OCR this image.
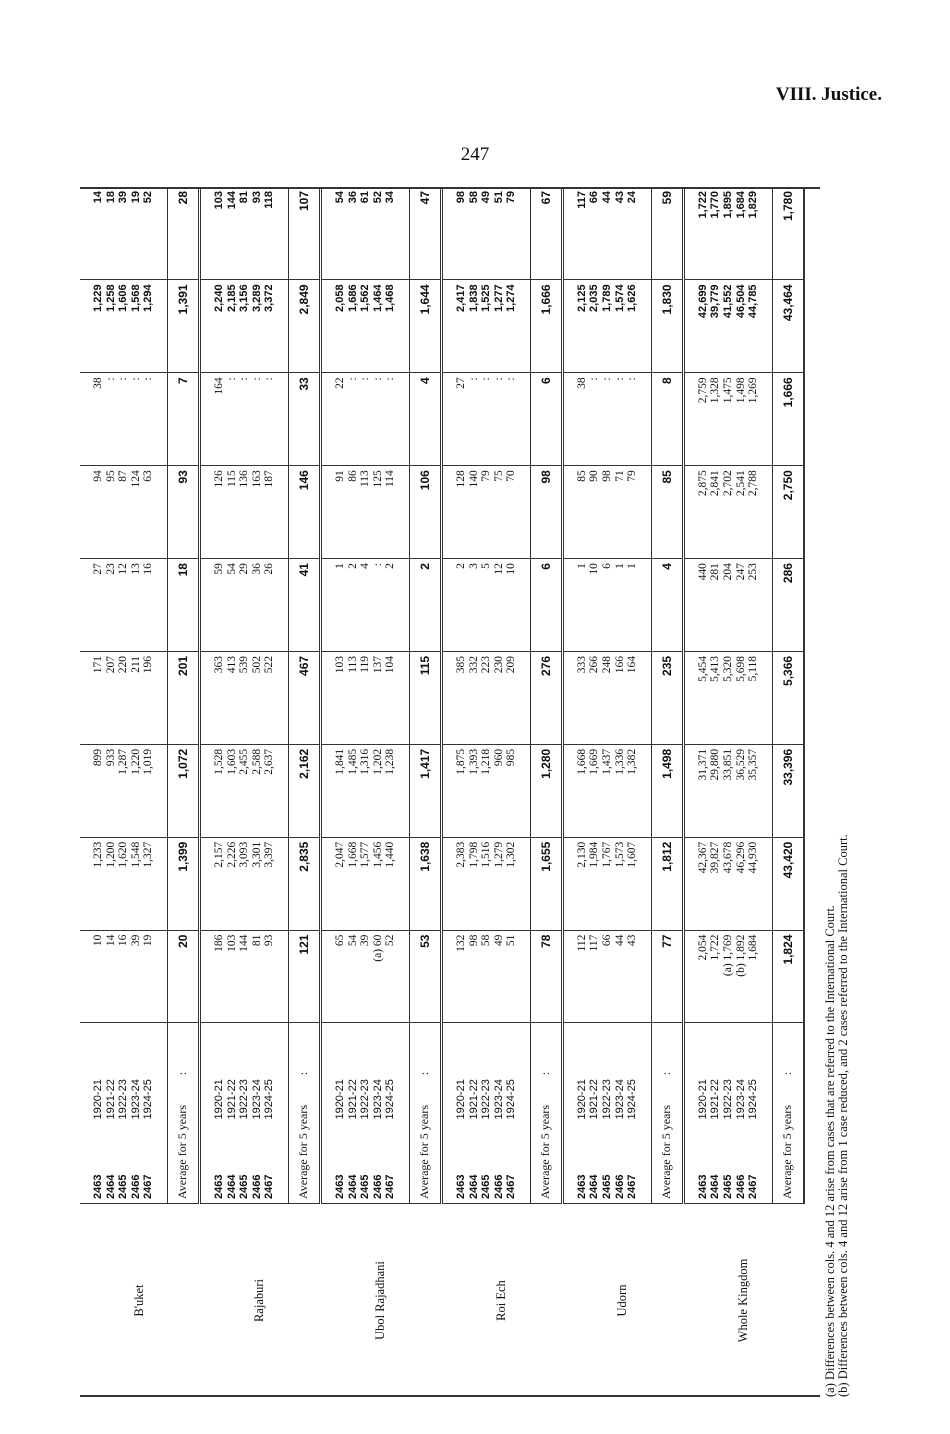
VIII. Justice.
247
B'uket	2463 2464 2465 2466 2467	1920-21 1921-22 1922-23 1923-24 1924-25	10 14 16 39 19	1,233 1,200 1,620 1,548 1,327	899 933 1,287 1,220 1,019	171 207 220 211 196	27 23 12 13 16	94 95 87 124 63	38 : : : :	1,229 1,258 1,606 1,568 1,294	14 18 39 19 52

	Average for 5 years	:	20	1,399	1,072	201	18	93	7	1,391	28
Rajaburi	2463 2464 2465 2466 2467	1920-21 1921-22 1922-23 1923-24 1924-25	186 103 144 81 93	2,157 2,226 3,093 3,301 3,397	1,528 1,603 2,455 2,588 2,637	363 413 539 502 522	59 54 29 36 26	126 115 136 163 187	164 : : : :	2,240 2,185 3,156 3,289 3,372	103 144 81 93 118

	Average for 5 years	:	121	2,835	2,162	467	41	146	33	2,849	107
Ubol Rajadhani	2463 2464 2465 2466 2467	1920-21 1921-22 1922-23 1923-24 1924-25	65 54 39 (a) 60 52	2,047 1,668 1,577 1,456 1,440	1,841 1,485 1,316 1,202 1,238	103 113 119 137 104	1 2 4 : 2	91 86 113 125 114	22 : : : :	2,058 1,686 1,562 1,464 1,468	54 36 61 52 34

	Average for 5 years	:	53	1,638	1,417	115	2	106	4	1,644	47
Roi Ech	2463 2464 2465 2466 2467	1920-21 1921-22 1922-23 1923-24 1924-25	132 98 58 49 51	2,383 1,798 1,516 1,279 1,302	1,875 1,393 1,218 960 985	385 332 223 230 209	2 3 5 12 10	128 140 79 75 70	27 : : : :	2,417 1,838 1,525 1,277 1,274	98 58 49 51 79

	Average for 5 years	:	78	1,655	1,280	276	6	98	6	1,666	67
Udorn	2463 2464 2465 2466 2467	1920-21 1921-22 1922-23 1923-24 1924-25	112 117 66 44 43	2,130 1,984 1,767 1,573 1,607	1,668 1,669 1,437 1,336 1,382	333 266 248 166 164	1 10 6 1 1	85 90 98 71 79	38 : : : :	2,125 2,035 1,789 1,574 1,626	117 66 44 43 24

	Average for 5 years	:	77	1,812	1,498	235	4	85	8	1,830	59
Whole Kingdom	2463 2464 2465 2466 2467	1920-21 1921-22 1922-23 1923-24 1924-25	2,054 1,722 (a) 1,769 (b) 1,892 1,684	42,367 39,827 43,678 46,296 44,930	31,371 29,880 33,851 36,529 35,357	5,454 5,413 5,320 5,698 5,118	440 281 204 247 253	2,875 2,841 2,702 2,541 2,788	2,759 1,328 1,475 1,498 1,269	42,699 39,779 41,552 46,504 44,785	1,722 1,770 1,895 1,684 1,829

	Average for 5 years	:	1,824	43,420	33,396	5,366	286	2,750	1,666	43,464	1,780
(a) Differences between cols. 4 and 12 arise from cases that are referred to the International Court. (b) Differences between cols. 4 and 12 arise from 1 case reduced, and 2 cases referred to the International Court.
